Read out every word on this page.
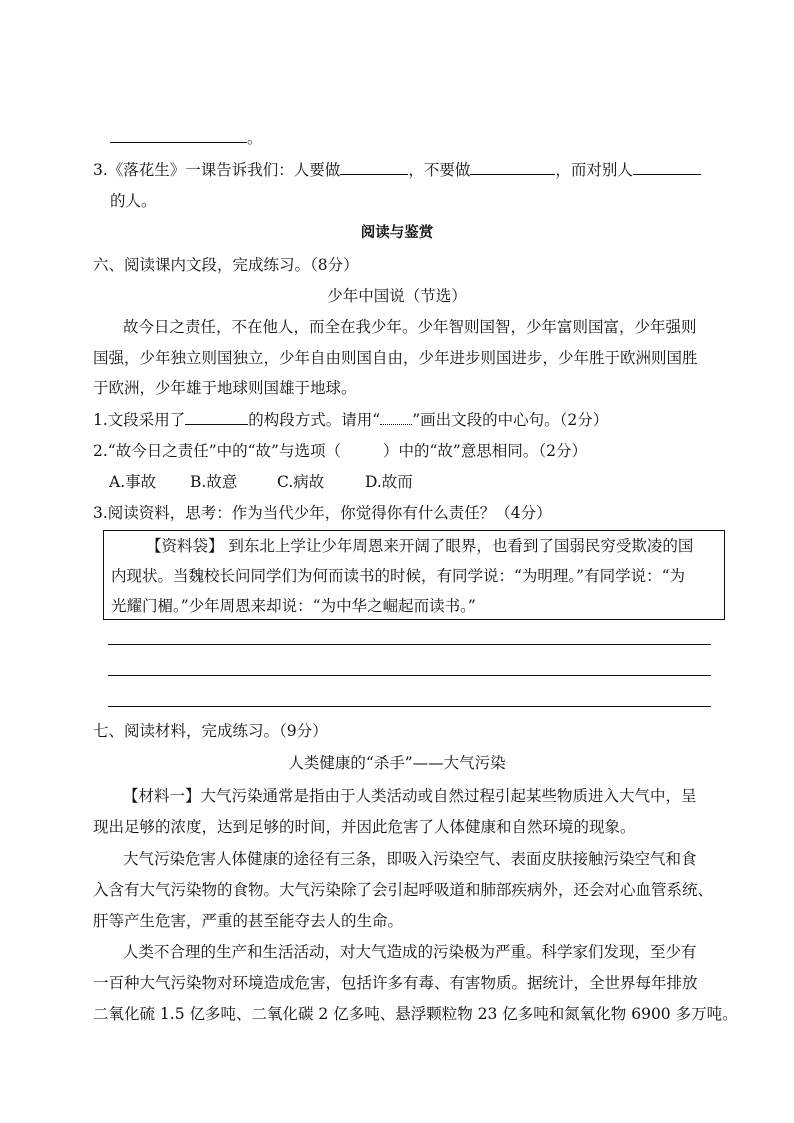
。
3.《落花生》一课告诉我们：人要做	，不要做	，而对别人
的人。
阅读与鉴赏
六、阅读课内文段，完成练习。（8分）
少年中国说（节选）
故今日之责任，不在他人，而全在我少年。少年智则国智，少年富则国富，少年强则
国强，少年独立则国独立，少年自由则国自由，少年进步则国进步，少年胜于欧洲则国胜
于欧洲，少年雄于地球则国雄于地球。
1.文段采用了	的构段方式。请用“ ”画出文段的中心句。（2分）
2.“故今日之责任”中的“故”与选项（	）中的“故”意思相同。（2分）
A.事故 B.故意	C.病故	D.故而
3.阅读资料，思考：作为当代少年，你觉得你有什么责任？（4分）
【资料袋】 到东北上学让少年周恩来开阔了眼界，也看到了国弱民穷受欺凌的国
内现状。当魏校长问同学们为何而读书的时候，有同学说：“为明理。”有同学说：“为
光耀门楣。”少年周恩来却说：“为中华之崛起而读书。”
七、阅读材料，完成练习。（9分）
人类健康的“杀手”——大气污染
【材料一】大气污染通常是指由于人类活动或自然过程引起某些物质进入大气中，呈
现出足够的浓度，达到足够的时间，并因此危害了人体健康和自然环境的现象。
大气污染危害人体健康的途径有三条，即吸入污染空气、表面皮肤接触污染空气和食
入含有大气污染物的食物。大气污染除了会引起呼吸道和肺部疾病外，还会对心血管系统、
肝等产生危害，严重的甚至能夺去人的生命。
人类不合理的生产和生活活动，对大气造成的污染极为严重。科学家们发现，至少有
一百种大气污染物对环境造成危害，包括许多有毒、有害物质。据统计，全世界每年排放
二氧化硫 1.5 亿多吨、二氧化碳 2 亿多吨、悬浮颗粒物 23 亿多吨和氮氧化物 6900 多万吨。
